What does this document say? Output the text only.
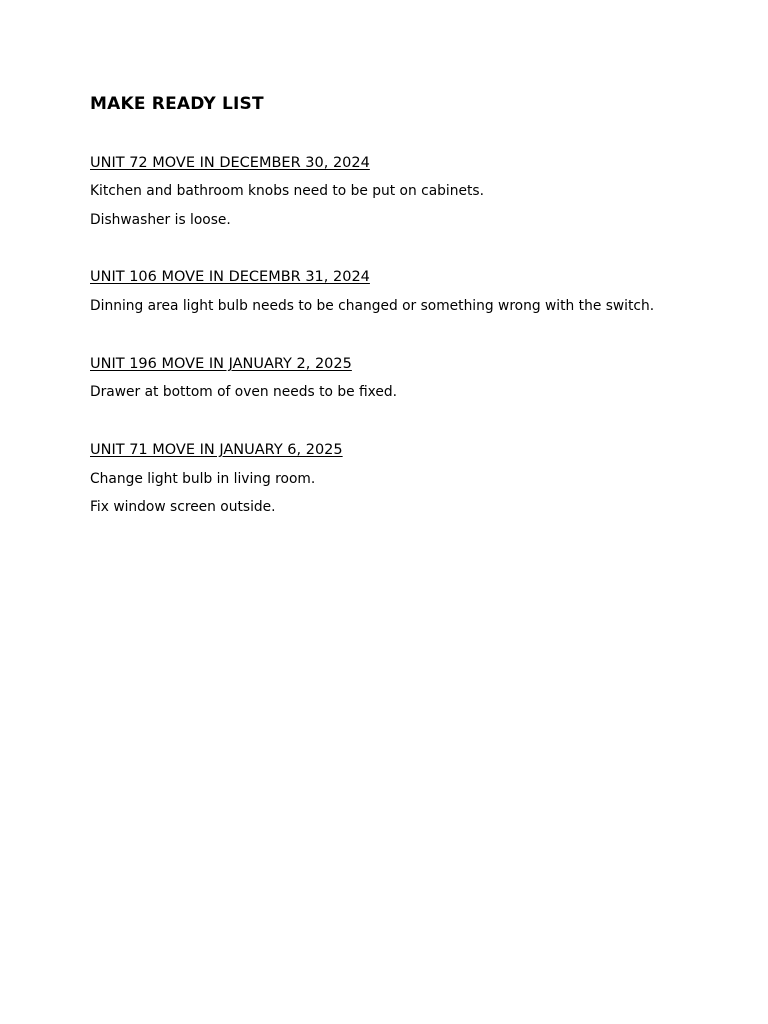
MAKE READY LIST
UNIT 72 MOVE IN DECEMBER 30, 2024
Kitchen and bathroom knobs need to be put on cabinets.
Dishwasher is loose.
UNIT 106 MOVE IN DECEMBR 31, 2024
Dinning area light bulb needs to be changed or something wrong with the switch.
UNIT 196 MOVE IN JANUARY 2, 2025
Drawer at bottom of oven needs to be fixed.
UNIT 71 MOVE IN JANUARY 6, 2025
Change light bulb in living room.
Fix window screen outside.
